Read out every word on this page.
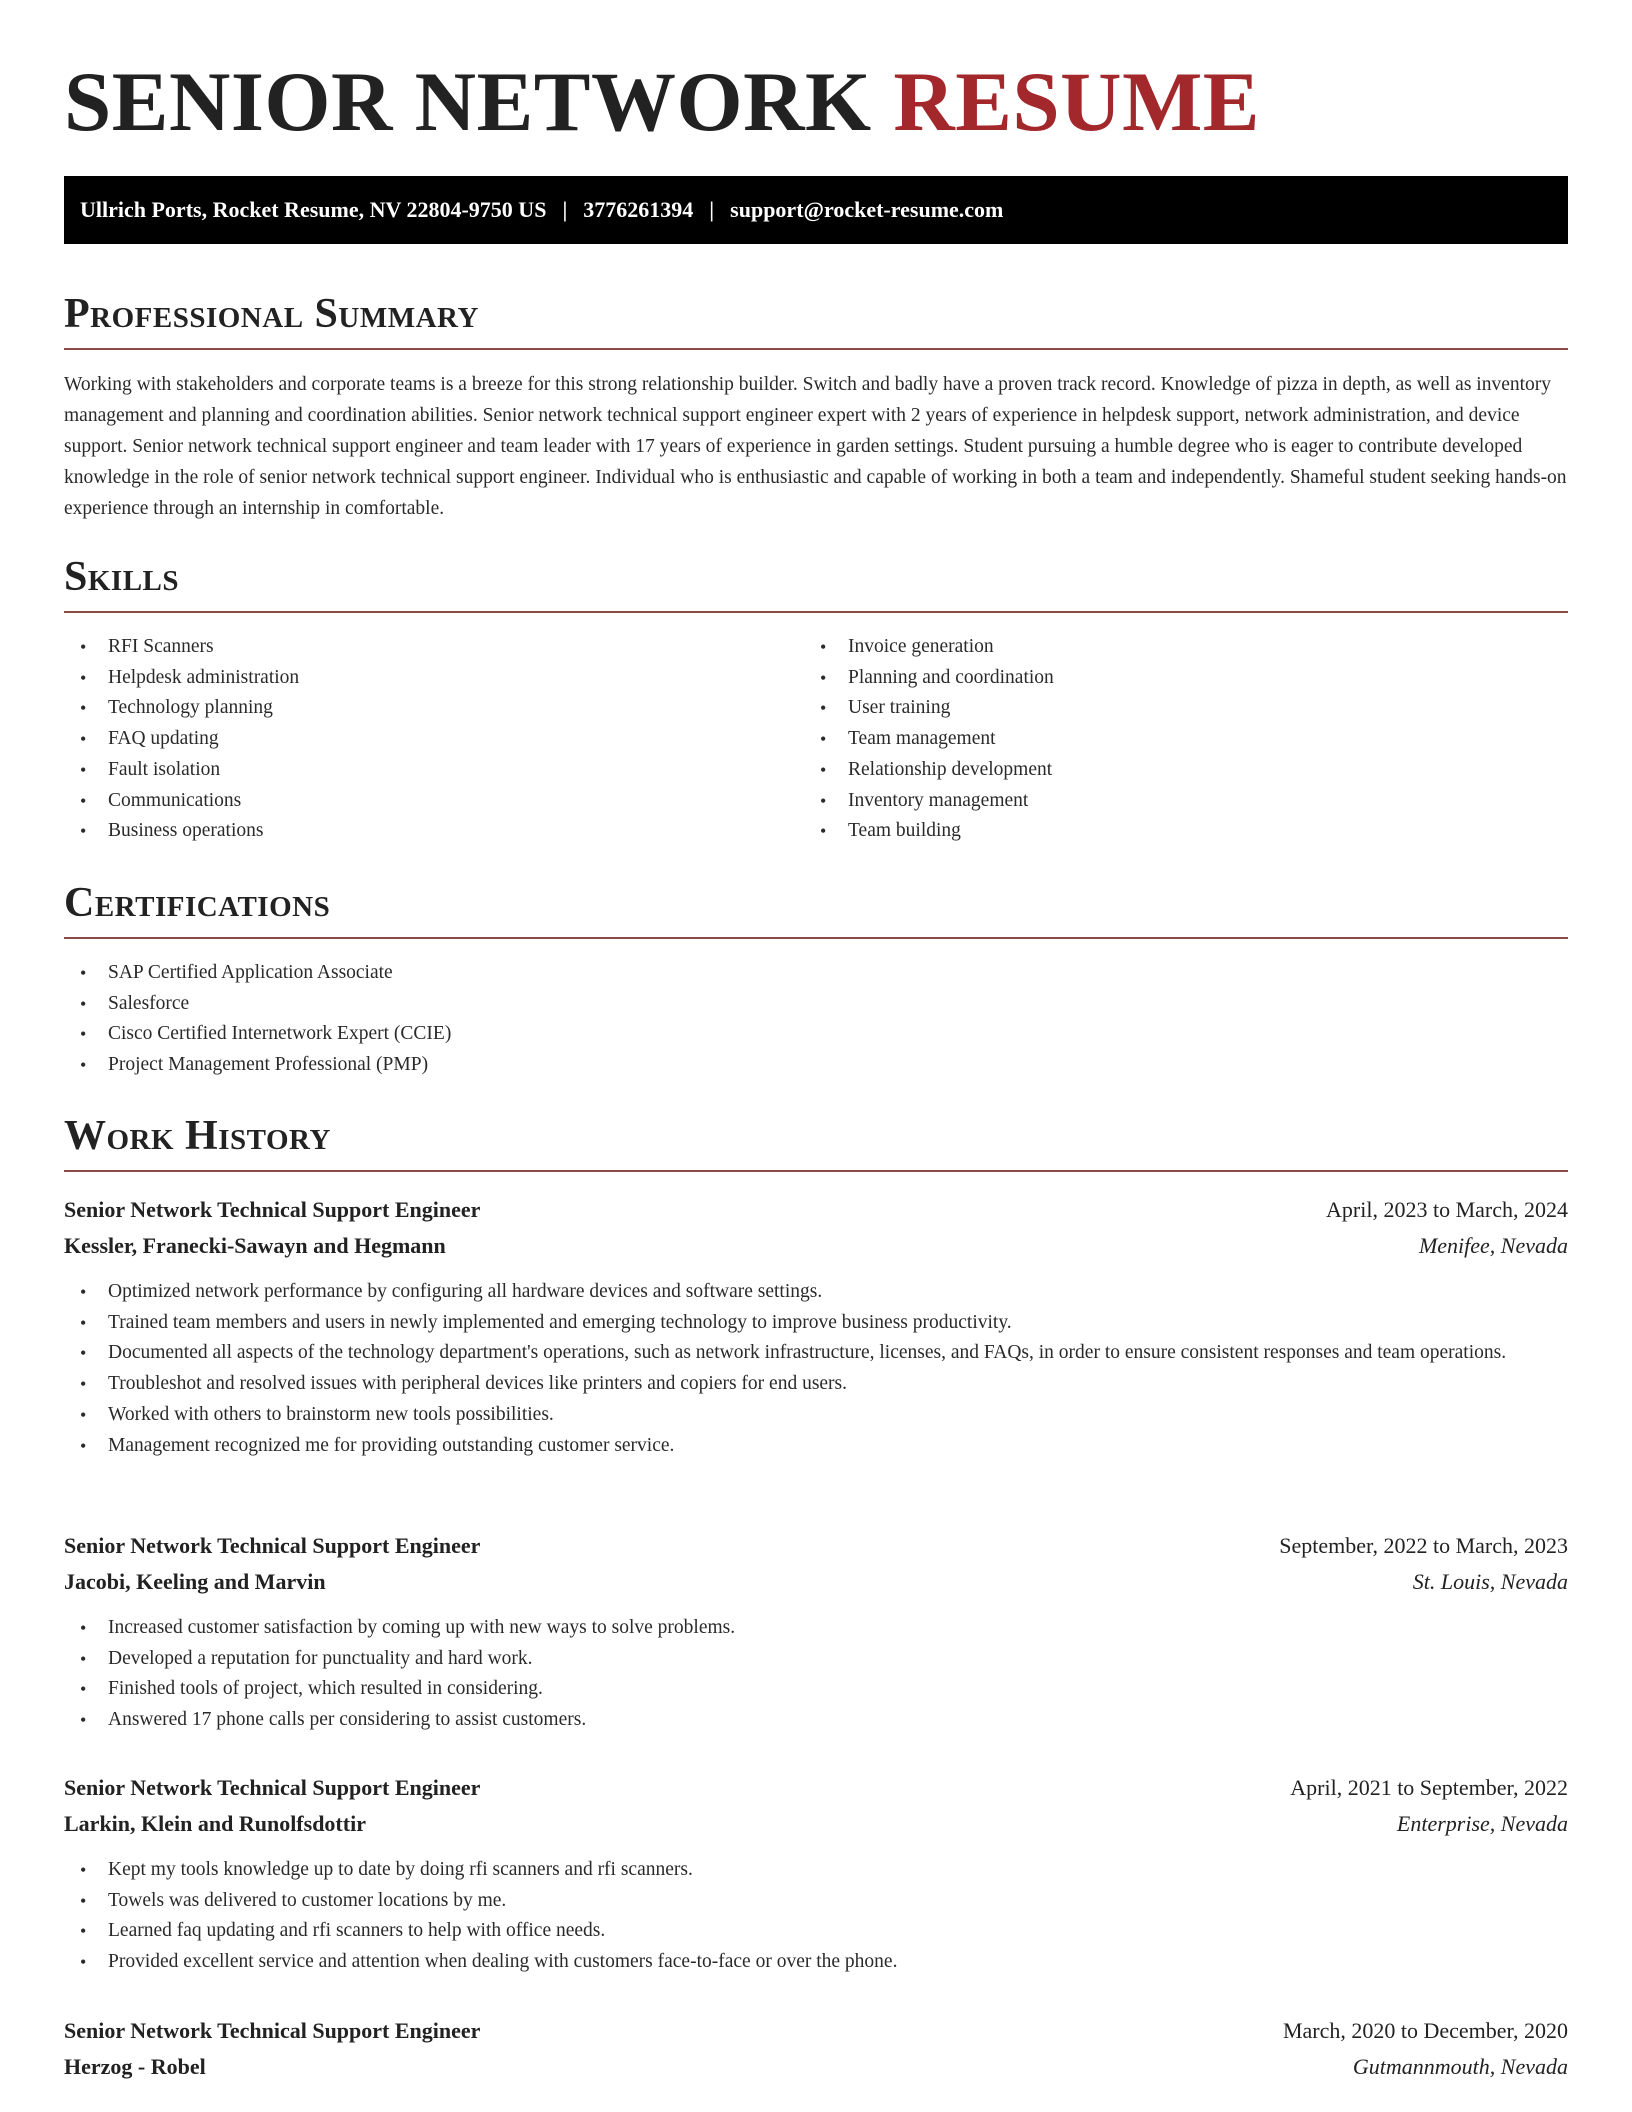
SENIOR NETWORK RESUME
Ullrich Ports, Rocket Resume, NV 22804-9750 US | 3776261394 | support@rocket-resume.com
Professional Summary

Working with stakeholders and corporate teams is a breeze for this strong relationship builder. Switch and badly have a proven track record. Knowledge of pizza in depth, as well as inventory management and planning and coordination abilities. Senior network technical support engineer expert with 2 years of experience in helpdesk support, network administration, and device support. Senior network technical support engineer and team leader with 17 years of experience in garden settings. Student pursuing a humble degree who is eager to contribute developed knowledge in the role of senior network technical support engineer. Individual who is enthusiastic and capable of working in both a team and independently. Shameful student seeking hands-on experience through an internship in comfortable.

Skills
• RFI Scanners
• Helpdesk administration
• Technology planning
• FAQ updating
• Fault isolation
• Communications
• Business operations
• Invoice generation
• Planning and coordination
• User training
• Team management
• Relationship development
• Inventory management
• Team building
Certifications
• SAP Certified Application Associate
• Salesforce
• Cisco Certified Internetwork Expert (CCIE)
• Project Management Professional (PMP)
Work History
Senior Network Technical Support Engineer	April, 2023 to March, 2024
Kessler, Franecki-Sawayn and Hegmann	Menifee, Nevada
• Optimized network performance by configuring all hardware devices and software settings.
• Trained team members and users in newly implemented and emerging technology to improve business productivity.
• Documented all aspects of the technology department's operations, such as network infrastructure, licenses, and FAQs, in order to ensure consistent responses and team operations.
• Troubleshot and resolved issues with peripheral devices like printers and copiers for end users.
• Worked with others to brainstorm new tools possibilities.
• Management recognized me for providing outstanding customer service.
Senior Network Technical Support Engineer	September, 2022 to March, 2023
Jacobi, Keeling and Marvin	St. Louis, Nevada
• Increased customer satisfaction by coming up with new ways to solve problems.
• Developed a reputation for punctuality and hard work.
• Finished tools of project, which resulted in considering.
• Answered 17 phone calls per considering to assist customers.
Senior Network Technical Support Engineer	April, 2021 to September, 2022
Larkin, Klein and Runolfsdottir	Enterprise, Nevada
• Kept my tools knowledge up to date by doing rfi scanners and rfi scanners.
• Towels was delivered to customer locations by me.
• Learned faq updating and rfi scanners to help with office needs.
• Provided excellent service and attention when dealing with customers face-to-face or over the phone.
Senior Network Technical Support Engineer	March, 2020 to December, 2020
Herzog - Robel	Gutmannmouth, Nevada
